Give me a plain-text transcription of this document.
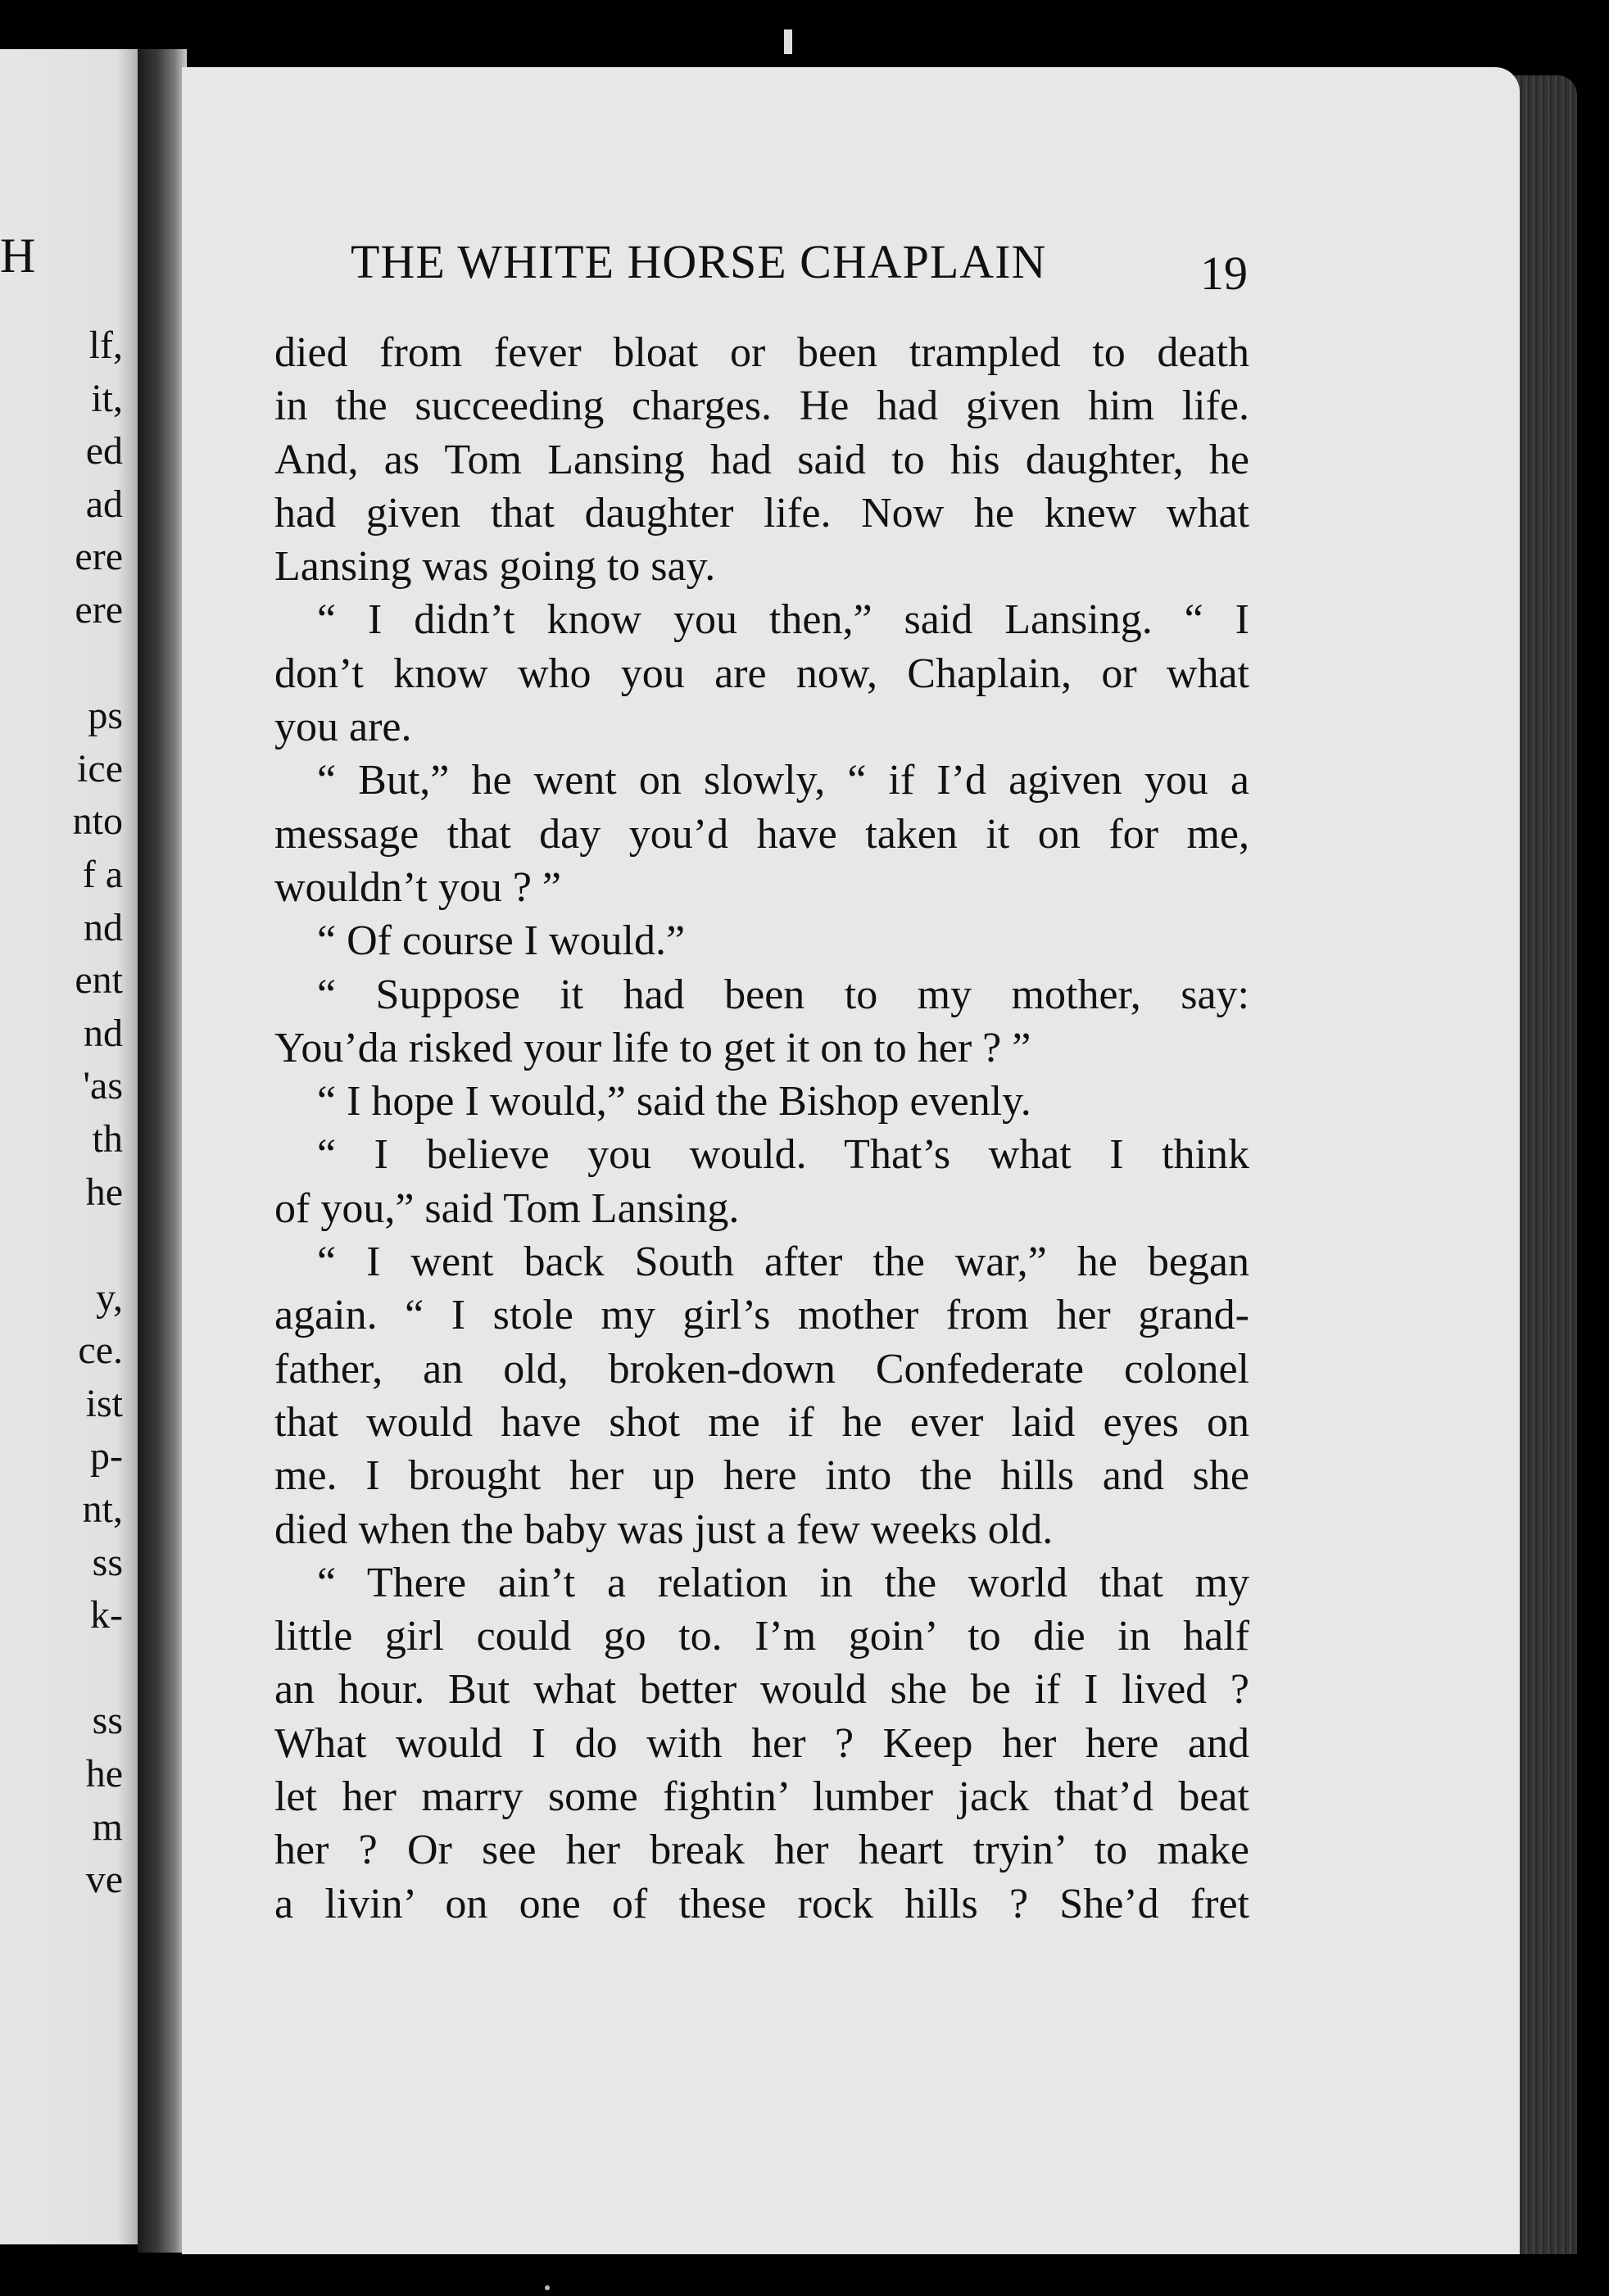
H
lf,
it,
ed
ad
ere
ere
ps
ice
nto
f a
nd
ent
nd
'as
th
he
y,
ce.
ist
p-
nt,
ss
k-
ss
he
m
ve
THE WHITE HORSE CHAPLAIN	19
died from fever bloat or been trampled to death
in the succeeding charges. He had given him life.
And, as Tom Lansing had said to his daughter, he
had given that daughter life. Now he knew what
Lansing was going to say.
“ I didn’t know you then,” said Lansing. “ I
don’t know who you are now, Chaplain, or what
you are.
“ But,” he went on slowly, “ if I’d agiven you a
message that day you’d have taken it on for me,
wouldn’t you ? ”
“ Of course I would.”
“ Suppose it had been to my mother, say:
You’da risked your life to get it on to her ? ”
“ I hope I would,” said the Bishop evenly.
“ I believe you would. That’s what I think
of you,” said Tom Lansing.
“ I went back South after the war,” he began
again. “ I stole my girl’s mother from her grand-
father, an old, broken-down Confederate colonel
that would have shot me if he ever laid eyes on
me. I brought her up here into the hills and she
died when the baby was just a few weeks old.
“ There ain’t a relation in the world that my
little girl could go to. I’m goin’ to die in half
an hour. But what better would she be if I lived ?
What would I do with her ? Keep her here and
let her marry some fightin’ lumber jack that’d beat
her ? Or see her break her heart tryin’ to make
a livin’ on one of these rock hills ? She’d fret
